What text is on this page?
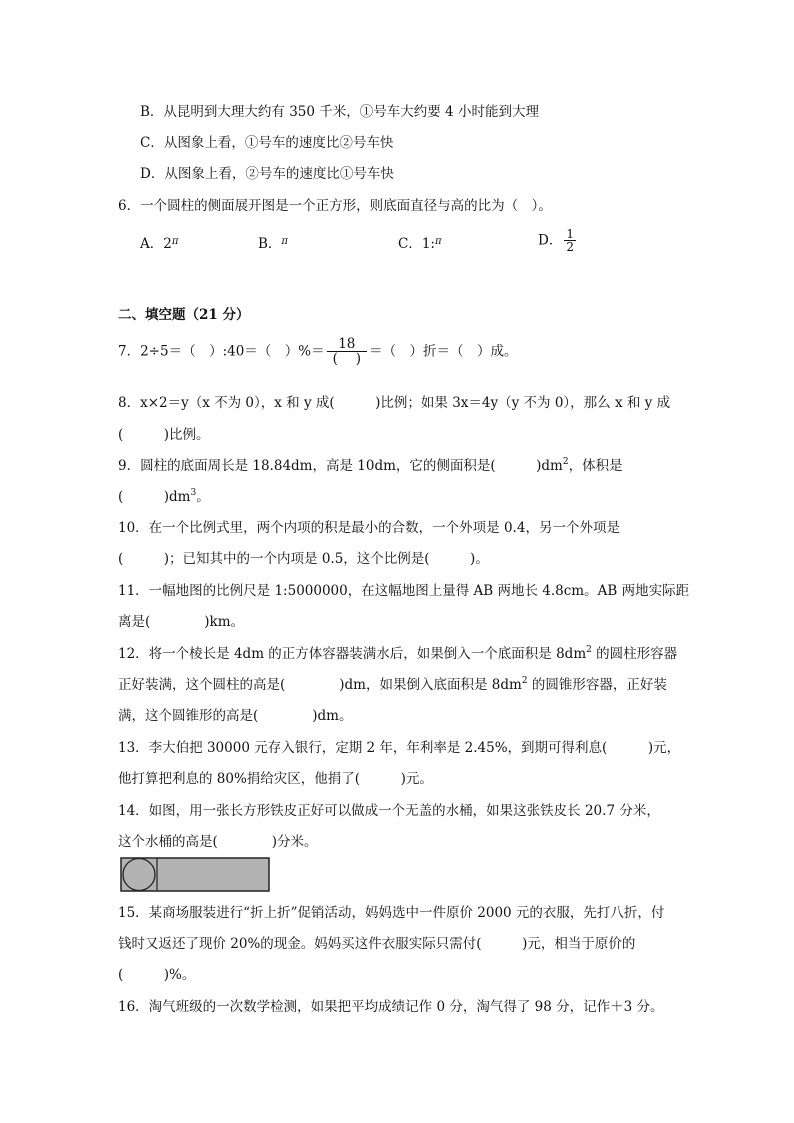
B．从昆明到大理大约有 350 千米，①号车大约要 4 小时能到大理
C．从图象上看，①号车的速度比②号车快
D．从图象上看，②号车的速度比①号车快
6．一个圆柱的侧面展开图是一个正方形，则底面直径与高的比为（　）。
A．$2^\pi$	B．$^\pi$	C．1:$^\pi$	D． $\frac{1}{2}$
二、填空题（21 分）
7．2÷5＝（　）:40＝（　）%＝ $\frac{18}{( )}$ ＝（　）折＝（　）成。
8．x×2＝y（x 不为 0），x 和 y 成(　　　)比例；如果 3x＝4y（y 不为 0），那么 x 和 y 成
(　　　)比例。
9．圆柱的底面周长是 18.84dm，高是 10dm，它的侧面积是(　　　)$dm^2$，体积是
(　　　)$dm^3$。
10．在一个比例式里，两个内项的积是最小的合数，一个外项是 0.4，另一个外项是
(　　　)；已知其中的一个内项是 0.5，这个比例是(　　　)。
11．一幅地图的比例尺是 1:5000000，在这幅地图上量得 AB 两地长 4.8cm。AB 两地实际距
离是(　　　　)km。
12．将一个棱长是 4dm 的正方体容器装满水后，如果倒入一个底面积是 $8dm^2$ 的圆柱形容器
正好装满，这个圆柱的高是(　　　　)dm，如果倒入底面积是 $8dm^2$ 的圆锥形容器，正好装
满，这个圆锥形的高是(　　　　)dm。
13．李大伯把 30000 元存入银行，定期 2 年，年利率是 2.45%，到期可得利息(　　　)元，
他打算把利息的 80%捐给灾区，他捐了(　　　)元。
14．如图，用一张长方形铁皮正好可以做成一个无盖的水桶，如果这张铁皮长 20.7 分米，
这个水桶的高是(　　　　)分米。
15．某商场服装进行“折上折”促销活动，妈妈选中一件原价 2000 元的衣服，先打八折，付
钱时又返还了现价 20%的现金。妈妈买这件衣服实际只需付(　　　)元，相当于原价的
(　　　)%。
16．淘气班级的一次数学检测，如果把平均成绩记作 0 分，淘气得了 98 分，记作＋3 分。
